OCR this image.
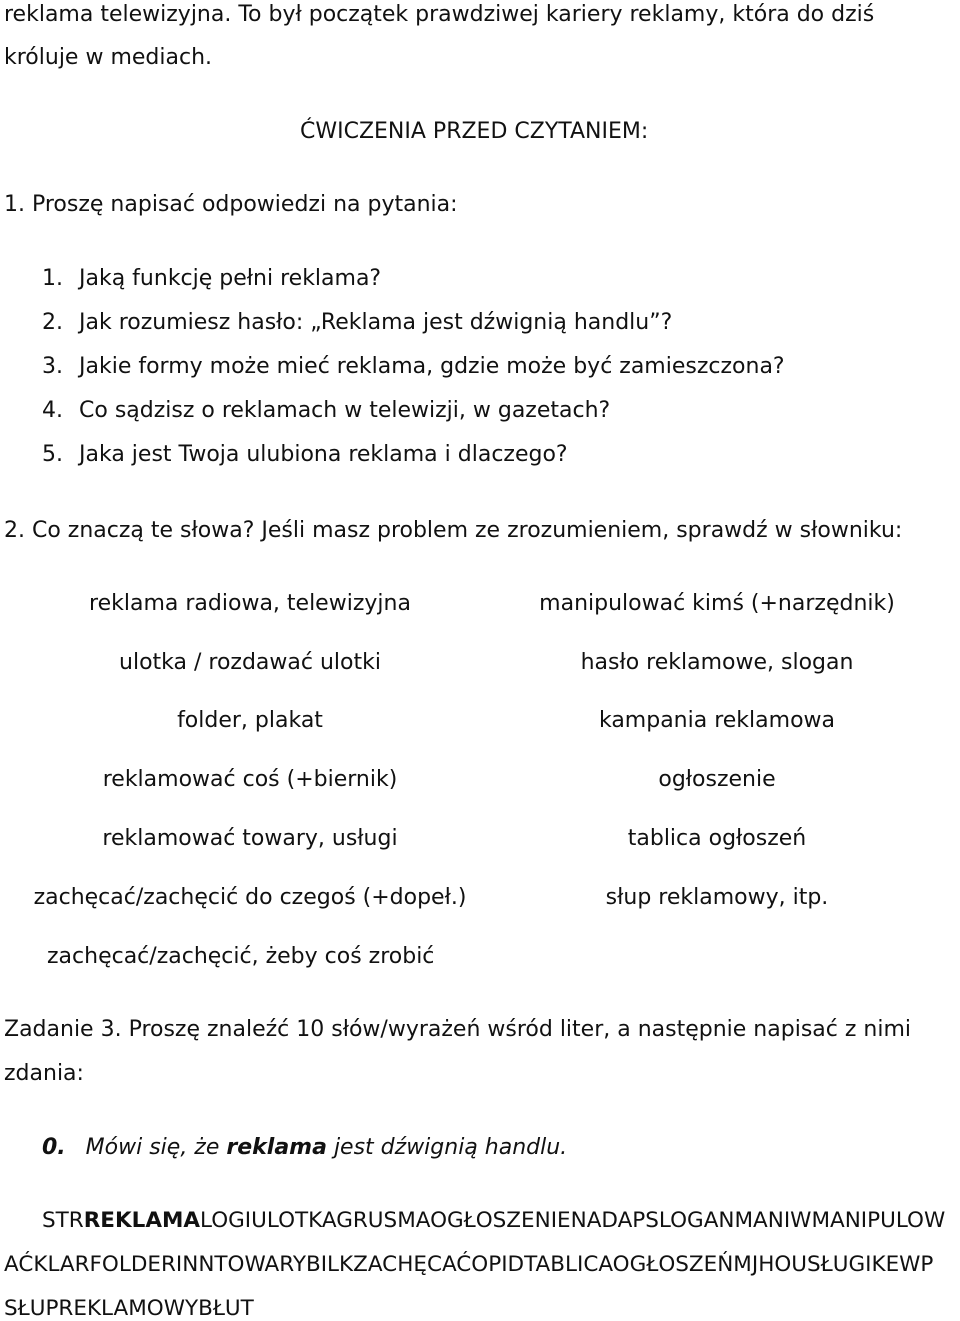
reklama telewizyjna. To był początek prawdziwej kariery reklamy, która do dziś
króluje w mediach.
ĆWICZENIA PRZED CZYTANIEM:
1. Proszę napisać odpowiedzi na pytania:
1. Jaką funkcję pełni reklama?
2. Jak rozumiesz hasło: „Reklama jest dźwignią handlu”?
3. Jakie formy może mieć reklama, gdzie może być zamieszczona?
4. Co sądzisz o reklamach w telewizji, w gazetach?
5. Jaka jest Twoja ulubiona reklama i dlaczego?
2. Co znaczą te słowa? Jeśli masz problem ze zrozumieniem, sprawdź w słowniku:
reklama radiowa, telewizyjna
ulotka / rozdawać ulotki
folder, plakat
reklamować coś (+biernik)
reklamować towary, usługi
zachęcać/zachęcić do czegoś (+dopeł.)
manipulować kimś (+narzędnik)
hasło reklamowe, slogan
kampania reklamowa
ogłoszenie
tablica ogłoszeń
słup reklamowy, itp.
zachęcać/zachęcić, żeby coś zrobić
Zadanie 3. Proszę znaleźć 10 słów/wyrażeń wśród liter, a następnie napisać z nimi
zdania:
0. Mówi się, że reklama jest dźwignią handlu.
STRREKLAMALOGIULOTKAGRUSMAOGŁOSZENIENADAPSLOGANMANIWMANIPULOW
AĆKLARFOLDERINNTOWARYBILKZACHĘCAĆOPIDTABLICAOGŁOSZEŃMJHOUSŁUGIKEWP
SŁUPREKLAMOWYBŁUT
